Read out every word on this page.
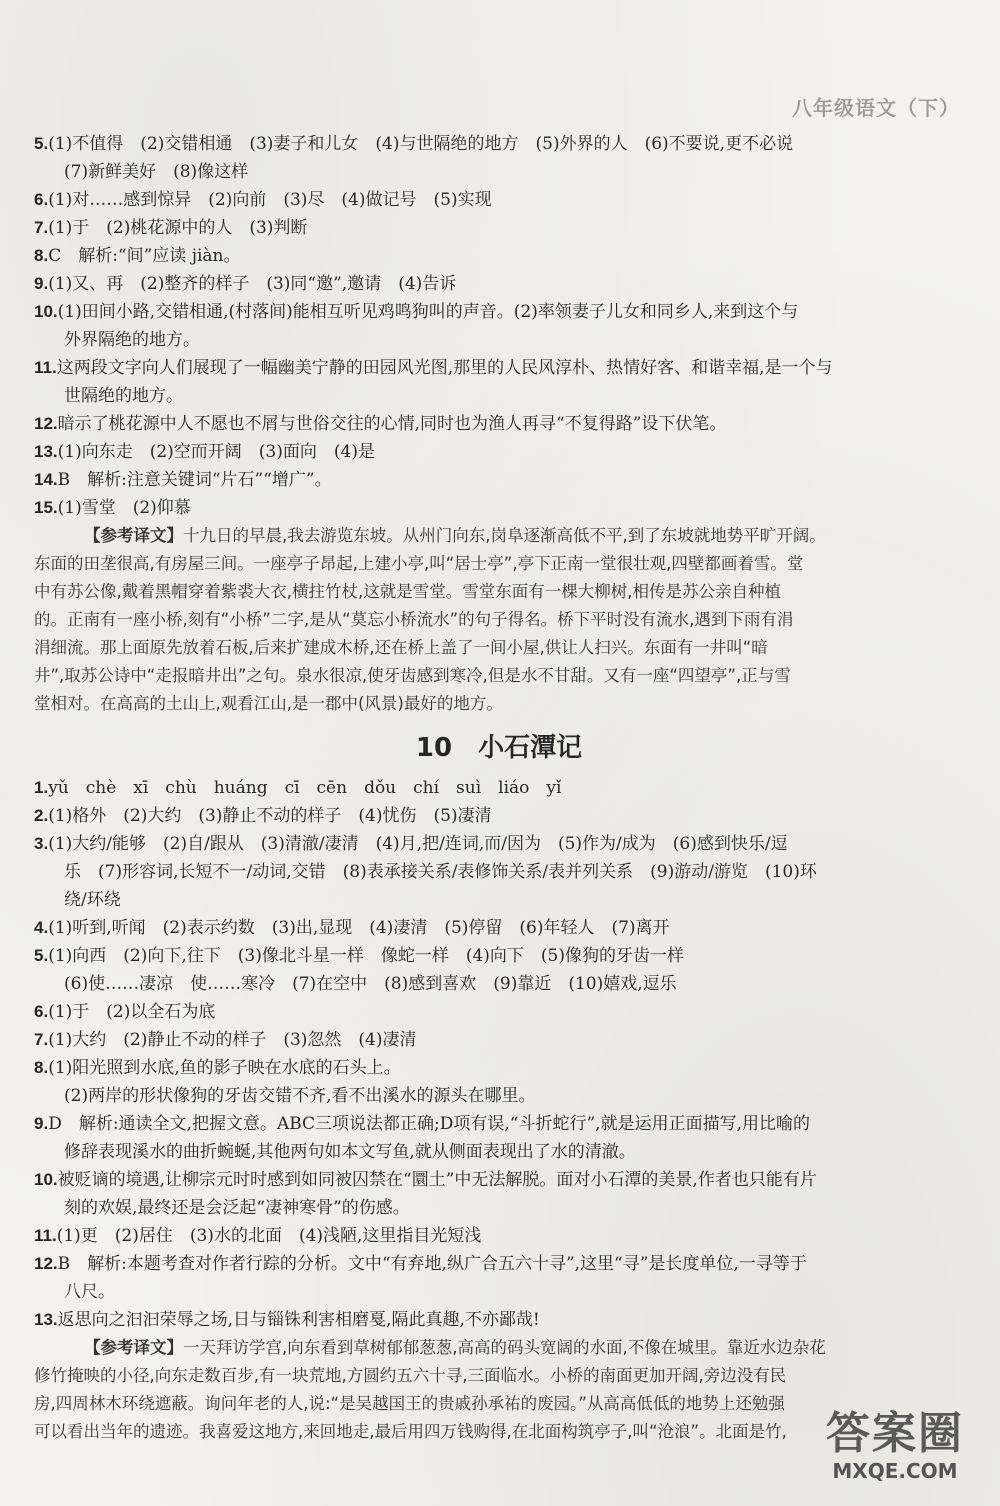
八年级语文（下）
5.(1)不值得　(2)交错相通　(3)妻子和儿女　(4)与世隔绝的地方　(5)外界的人　(6)不要说,更不必说
(7)新鲜美好　(8)像这样
6.(1)对……感到惊异　(2)向前　(3)尽　(4)做记号　(5)实现
7.(1)于　(2)桃花源中的人　(3)判断
8.C　解析:“间”应读 jiàn。
9.(1)又、再　(2)整齐的样子　(3)同“邀”,邀请　(4)告诉
10.(1)田间小路,交错相通,(村落间)能相互听见鸡鸣狗叫的声音。(2)率领妻子儿女和同乡人,来到这个与
外界隔绝的地方。
11.这两段文字向人们展现了一幅幽美宁静的田园风光图,那里的人民风淳朴、热情好客、和谐幸福,是一个与
世隔绝的地方。
12.暗示了桃花源中人不愿也不屑与世俗交往的心情,同时也为渔人再寻“不复得路”设下伏笔。
13.(1)向东走　(2)空而开阔　(3)面向　(4)是
14.B　解析:注意关键词“片石”“增广”。
15.(1)雪堂　(2)仰慕
【参考译文】十九日的早晨,我去游览东坡。从州门向东,岗阜逐渐高低不平,到了东坡就地势平旷开阔。
东面的田垄很高,有房屋三间。一座亭子昂起,上建小亭,叫“居士亭”,亭下正南一堂很壮观,四壁都画着雪。堂
中有苏公像,戴着黑帽穿着紫裘大衣,横拄竹杖,这就是雪堂。雪堂东面有一棵大柳树,相传是苏公亲自种植
的。正南有一座小桥,刻有“小桥”二字,是从“莫忘小桥流水”的句子得名。桥下平时没有流水,遇到下雨有涓
涓细流。那上面原先放着石板,后来扩建成木桥,还在桥上盖了一间小屋,供让人扫兴。东面有一井叫“暗
井”,取苏公诗中“走报暗井出”之句。泉水很凉,使牙齿感到寒冷,但是水不甘甜。又有一座“四望亭”,正与雪
堂相对。在高高的土山上,观看江山,是一郡中(风景)最好的地方。
10　小石潭记
1.yǔ　chè　xī　chù　huáng　cī　cēn　dǒu　chí　suì　liáo　yǐ
2.(1)格外　(2)大约　(3)静止不动的样子　(4)忧伤　(5)凄清
3.(1)大约/能够　(2)自/跟从　(3)清澈/凄清　(4)月,把/连词,而/因为　(5)作为/成为　(6)感到快乐/逗
乐　(7)形容词,长短不一/动词,交错　(8)表承接关系/表修饰关系/表并列关系　(9)游动/游览　(10)环
绕/环绕
4.(1)听到,听闻　(2)表示约数　(3)出,显现　(4)凄清　(5)停留　(6)年轻人　(7)离开
5.(1)向西　(2)向下,往下　(3)像北斗星一样　像蛇一样　(4)向下　(5)像狗的牙齿一样
(6)使……凄凉　使……寒冷　(7)在空中　(8)感到喜欢　(9)靠近　(10)嬉戏,逗乐
6.(1)于　(2)以全石为底
7.(1)大约　(2)静止不动的样子　(3)忽然　(4)凄清
8.(1)阳光照到水底,鱼的影子映在水底的石头上。
(2)两岸的形状像狗的牙齿交错不齐,看不出溪水的源头在哪里。
9.D　解析:通读全文,把握文意。ABC三项说法都正确;D项有误,“斗折蛇行”,就是运用正面描写,用比喻的
修辞表现溪水的曲折蜿蜒,其他两句如本文写鱼,就从侧面表现出了水的清澈。
10.被贬谪的境遇,让柳宗元时时感到如同被囚禁在“圜土”中无法解脱。面对小石潭的美景,作者也只能有片
刻的欢娱,最终还是会泛起“凄神寒骨”的伤感。
11.(1)更　(2)居住　(3)水的北面　(4)浅陋,这里指目光短浅
12.B　解析:本题考查对作者行踪的分析。文中“有弃地,纵广合五六十寻”,这里“寻”是长度单位,一寻等于
八尺。
13.返思向之汩汩荣辱之场,日与锱铢利害相磨戛,隔此真趣,不亦鄙哉!
【参考译文】一天拜访学宫,向东看到草树郁郁葱葱,高高的码头宽阔的水面,不像在城里。靠近水边杂花
修竹掩映的小径,向东走数百步,有一块荒地,方圆约五六十寻,三面临水。小桥的南面更加开阔,旁边没有民
房,四周林木环绕遮蔽。询问年老的人,说:“是吴越国王的贵戚孙承祐的废园。”从高高低低的地势上还勉强
可以看出当年的遗迹。我喜爱这地方,来回地走,最后用四万钱购得,在北面构筑亭子,叫“沧浪”。北面是竹, 答案圈
MXQE.COM
